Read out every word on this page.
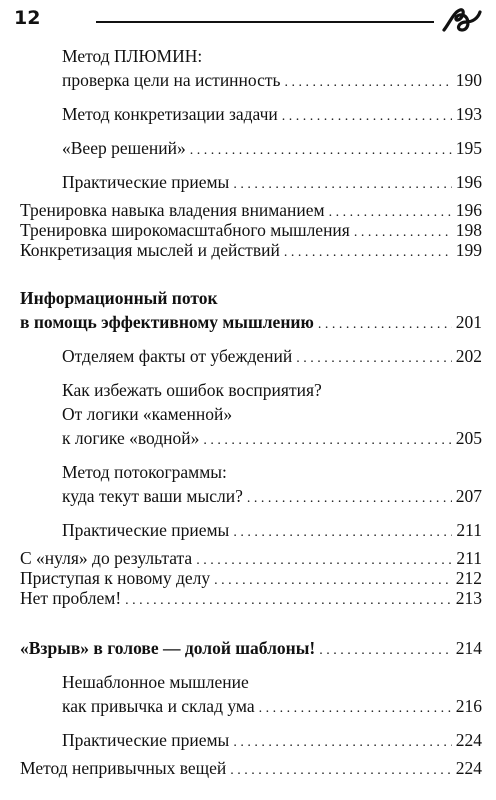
12
Метод ПЛЮМИН:
проверка цели на истинность . . .	190
Метод конкретизации задачи . . .	193
«Веер решений» . . .	195
Практические приемы . . .	196
Тренировка навыка владения вниманием . . .	196
Тренировка широкомасштабного мышления . . .	198
Конкретизация мыслей и действий . . .	199
Информационный поток
в помощь эффективному мышлению . . .	201
Отделяем факты от убеждений . . .	202
Как избежать ошибок восприятия?
От логики «каменной»
к логике «водной» . . .	205
Метод потокограммы:
куда текут ваши мысли? . . .	207
Практические приемы . . .	211
С «нуля» до результата . . .	211
Приступая к новому делу . . .	212
Нет проблем! . . .	213
«Взрыв» в голове — долой шаблоны! . . .	214
Нешаблонное мышление
как привычка и склад ума . . .	216
Практические приемы . . .	224
Метод непривычных вещей . . .	224
